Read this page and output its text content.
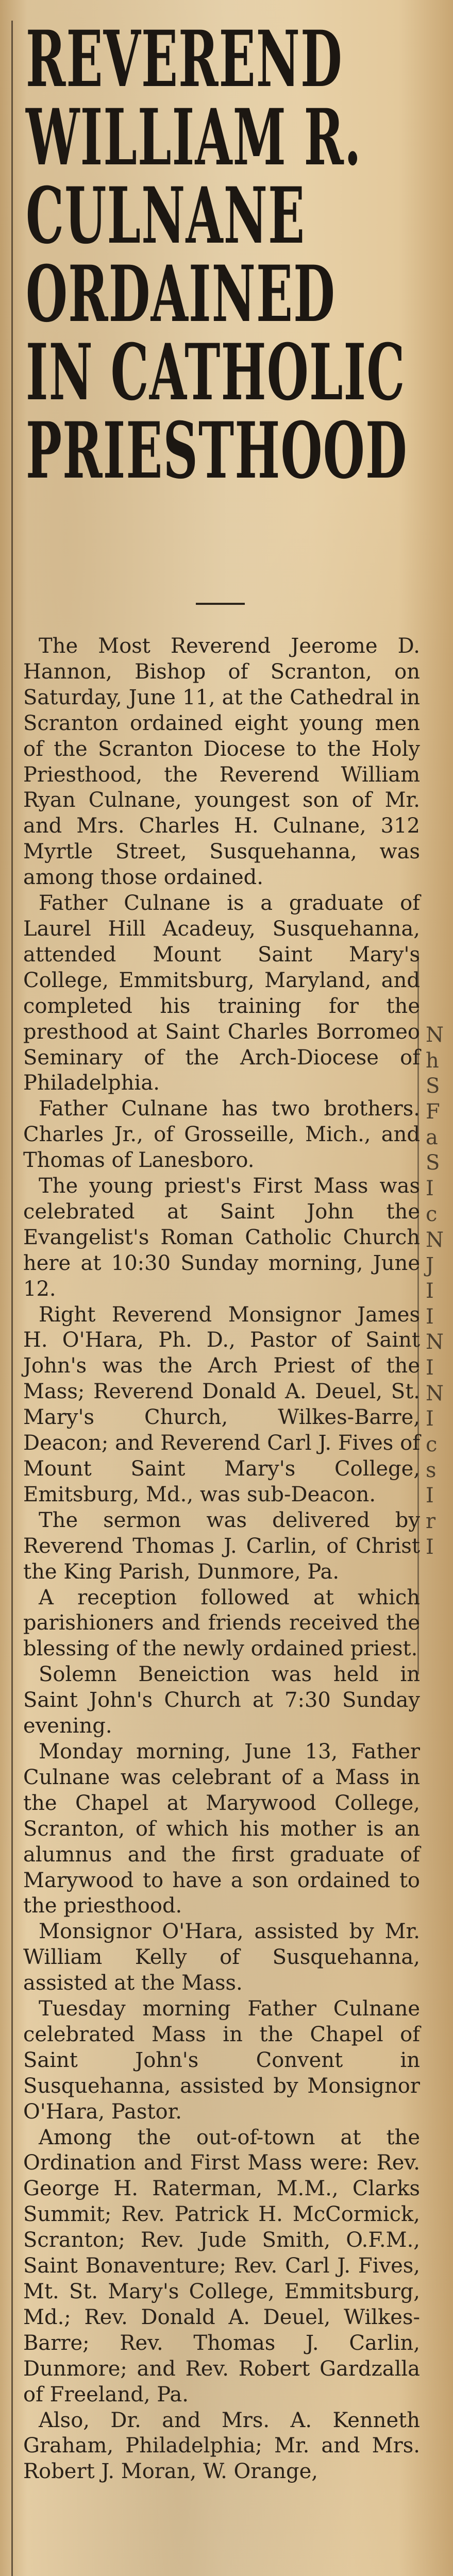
N
h
S
F
a
S
I
c
N
J
I
I
N
I
N
I
c
s
I
r
I
REVEREND
WILLIAM R.
CULNANE
ORDAINED
IN CATHOLIC
PRIESTHOOD

The Most Reverend Jeerome D. Hannon, Bishop of Scranton, on Saturday, June 11, at the Cathedral in Scranton ordained eight young men of the Scranton Diocese to the Holy Priesthood, the Reverend William Ryan Culnane, youngest son of Mr. and Mrs. Charles H. Culnane, 312 Myrtle Street, Susquehanna, was among those ordained.

Father Culnane is a graduate of Laurel Hill Acadeuy, Susquehanna, attended Mount Saint Mary's College, Emmitsburg, Maryland, and completed his training for the presthood at Saint Charles Borromeo Seminary of the Arch-Diocese of Philadelphia.

Father Culnane has two brothers. Charles Jr., of Grosseille, Mich., and Thomas of Lanesboro.

The young priest's First Mass was celebrated at Saint John the Evangelist's Roman Catholic Church here at 10:30 Sunday morning, June 12.

Right Reverend Monsignor James H. O'Hara, Ph. D., Pastor of Saint John's was the Arch Priest of the Mass; Reverend Donald A. Deuel, St. Mary's Church, Wilkes-Barre, Deacon; and Reverend Carl J. Fives of Mount Saint Mary's College, Emitsburg, Md., was sub-Deacon.

The sermon was delivered by Reverend Thomas J. Carlin, of Christ the King Parish, Dunmore, Pa.

A reception followed at which parishioners and friends received the blessing of the newly ordained priest.

Solemn Beneiction was held in Saint John's Church at 7:30 Sunday evening.

Monday morning, June 13, Father Culnane was celebrant of a Mass in the Chapel at Marywood College, Scranton, of which his mother is an alumnus and the first graduate of Marywood to have a son ordained to the priesthood.

Monsignor O'Hara, assisted by Mr. William Kelly of Susquehanna, assisted at the Mass.

Tuesday morning Father Culnane celebrated Mass in the Chapel of Saint John's Convent in Susquehanna, assisted by Monsignor O'Hara, Pastor.

Among the out-of-town at the Ordination and First Mass were: Rev. George H. Raterman, M.M., Clarks Summit; Rev. Patrick H. McCormick, Scranton; Rev. Jude Smith, O.F.M., Saint Bonaventure; Rev. Carl J. Fives, Mt. St. Mary's College, Emmitsburg, Md.; Rev. Donald A. Deuel, Wilkes-Barre; Rev. Thomas J. Carlin, Dunmore; and Rev. Robert Gardzalla of Freeland, Pa.

Also, Dr. and Mrs. A. Kenneth Graham, Philadelphia; Mr. and Mrs. Robert J. Moran, W. Orange,
